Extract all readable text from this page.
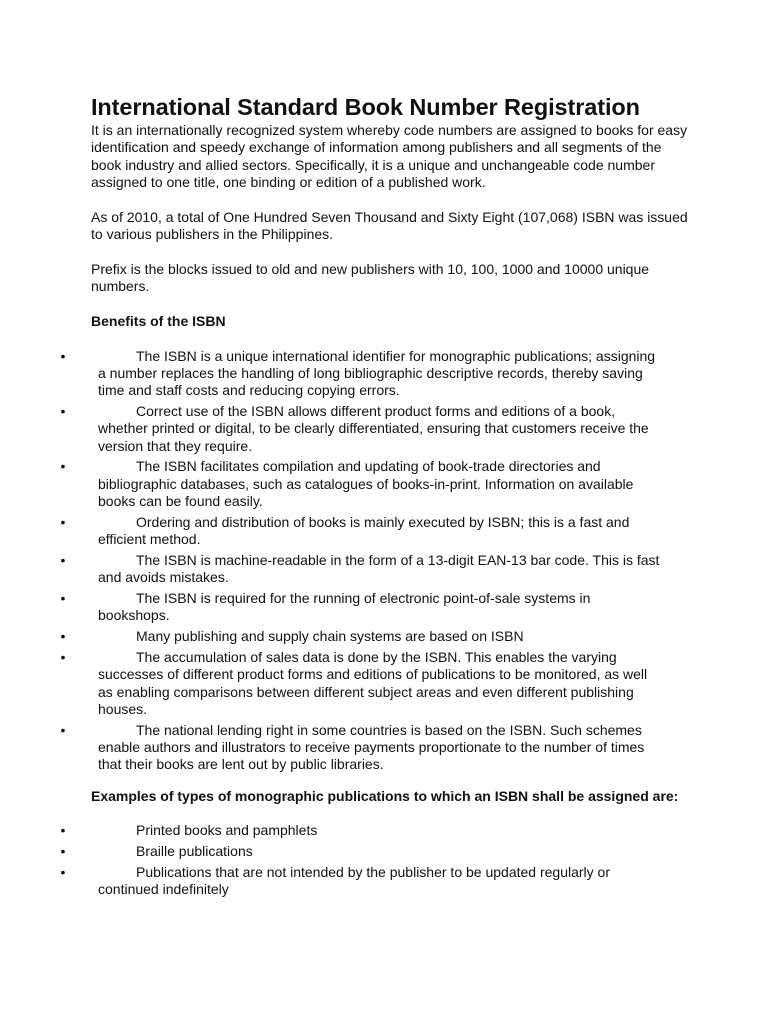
International Standard Book Number Registration

It is an internationally recognized system whereby code numbers are assigned to books for easy identification and speedy exchange of information among publishers and all segments of the book industry and allied sectors. Specifically, it is a unique and unchangeable code number assigned to one title, one binding or edition of a published work.

As of 2010, a total of One Hundred Seven Thousand and Sixty Eight (107,068) ISBN was issued to various publishers in the Philippines.

Prefix is the blocks issued to old and new publishers with 10, 100, 1000 and 10000 unique numbers.

Benefits of the ISBN

•	The ISBN is a unique international identifier for monographic publications; assigning a number replaces the handling of long bibliographic descriptive records, thereby saving time and staff costs and reducing copying errors.
•	Correct use of the ISBN allows different product forms and editions of a book, whether printed or digital, to be clearly differentiated, ensuring that customers receive the version that they require.
•	The ISBN facilitates compilation and updating of book-trade directories and bibliographic databases, such as catalogues of books-in-print. Information on available books can be found easily.
•	Ordering and distribution of books is mainly executed by ISBN; this is a fast and efficient method.
•	The ISBN is machine-readable in the form of a 13-digit EAN-13 bar code. This is fast and avoids mistakes.
•	The ISBN is required for the running of electronic point-of-sale systems in bookshops.
•	Many publishing and supply chain systems are based on ISBN
•	The accumulation of sales data is done by the ISBN. This enables the varying successes of different product forms and editions of publications to be monitored, as well as enabling comparisons between different subject areas and even different publishing houses.
•	The national lending right in some countries is based on the ISBN. Such schemes enable authors and illustrators to receive payments proportionate to the number of times that their books are lent out by public libraries.

Examples of types of monographic publications to which an ISBN shall be assigned are:

•	Printed books and pamphlets
•	Braille publications
•	Publications that are not intended by the publisher to be updated regularly or continued indefinitely
